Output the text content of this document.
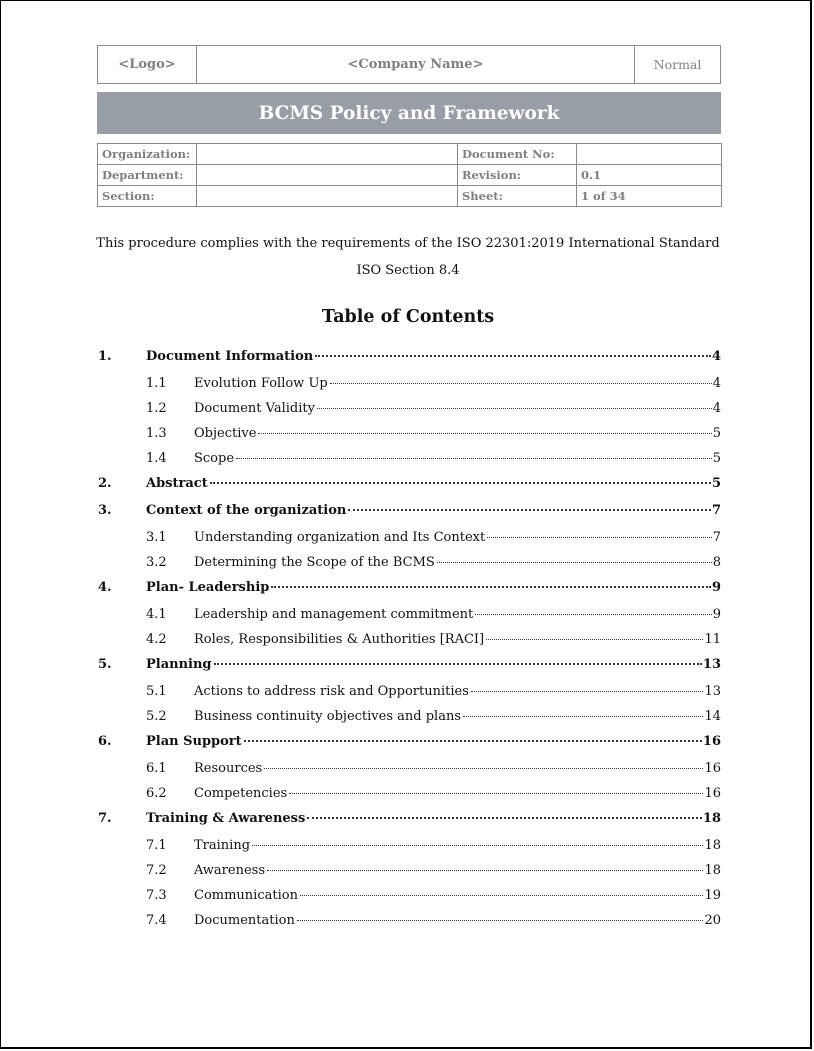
<Logo>	<Company Name>	Normal
BCMS Policy and Framework
Organization:		Document No:	
Department:		Revision:	0.1
Section:		Sheet:	1 of 34
This procedure complies with the requirements of the ISO 22301:2019 International Standard
ISO Section 8.4
Table of Contents
1.	Document Information	4
1.1	Evolution Follow Up	4
1.2	Document Validity	4
1.3	Objective	5
1.4	Scope	5
2.	Abstract	5
3.	Context of the organization	7
3.1	Understanding organization and Its Context	7
3.2	Determining the Scope of the BCMS	8
4.	Plan- Leadership	9
4.1	Leadership and management commitment	9
4.2	Roles, Responsibilities & Authorities [RACI]	11
5.	Planning	13
5.1	Actions to address risk and Opportunities	13
5.2	Business continuity objectives and plans	14
6.	Plan Support	16
6.1	Resources	16
6.2	Competencies	16
7.	Training & Awareness	18
7.1	Training	18
7.2	Awareness	18
7.3	Communication	19
7.4	Documentation	20
